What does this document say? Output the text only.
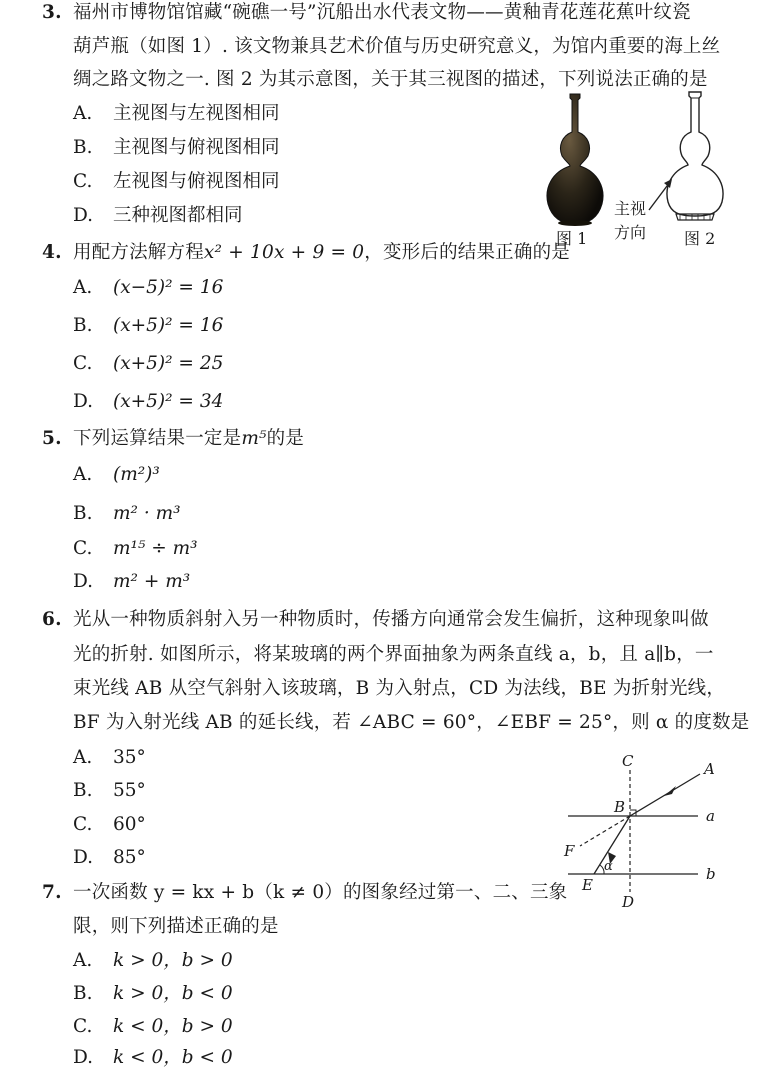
3. 福州市博物馆馆藏“碗礁一号”沉船出水代表文物——黄釉青花莲花蕉叶纹瓷
葫芦瓶（如图 1）. 该文物兼具艺术价值与历史研究意义，为馆内重要的海上丝
绸之路文物之一. 图 2 为其示意图，关于其三视图的描述，下列说法正确的是
A. 主视图与左视图相同
B. 主视图与俯视图相同
C. 左视图与俯视图相同
D. 三种视图都相同
图 1	图 2
主视
方向
4. 用配方法解方程x² + 10x + 9 = 0，变形后的结果正确的是
A. (x−5)² = 16
B. (x+5)² = 16
C. (x+5)² = 25
D. (x+5)² = 34
5. 下列运算结果一定是m⁵的是
A. (m²)³
B. m² · m³
C. m¹⁵ ÷ m³
D. m² + m³
6. 光从一种物质斜射入另一种物质时，传播方向通常会发生偏折，这种现象叫做
光的折射. 如图所示，将某玻璃的两个界面抽象为两条直线 a，b，且 a∥b，一
束光线 AB 从空气斜射入该玻璃，B 为入射点，CD 为法线，BE 为折射光线，
BF 为入射光线 AB 的延长线，若 ∠ABC = 60°，∠EBF = 25°，则 α 的度数是
A. 35°
B. 55°
C. 60°
D. 85°
C	A
B	a
F
α
E
b
D
7. 一次函数 y = kx + b（k ≠ 0）的图象经过第一、二、三象
限，则下列描述正确的是
A. k > 0，b > 0
B. k > 0，b < 0
C. k < 0，b > 0
D. k < 0，b < 0
